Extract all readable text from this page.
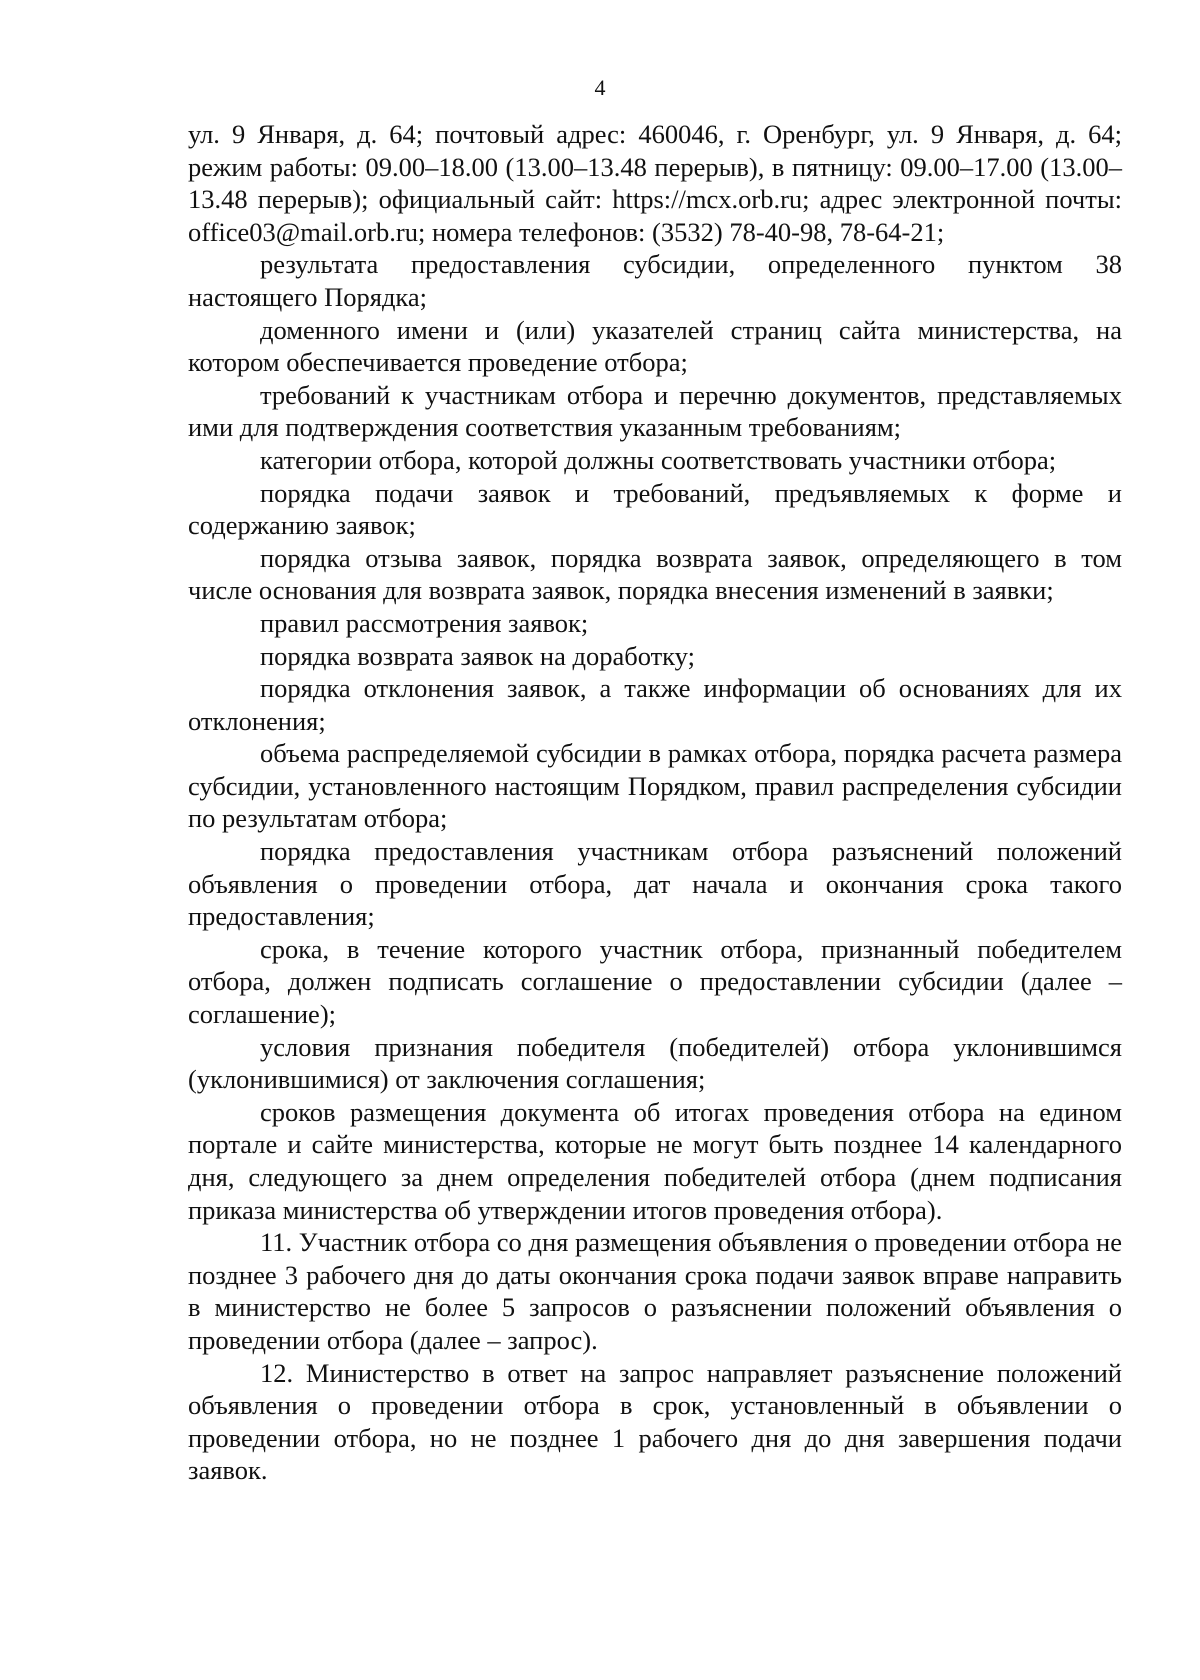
4

ул. 9 Января, д. 64; почтовый адрес: 460046, г. Оренбург, ул. 9 Января, д. 64; режим работы: 09.00–18.00 (13.00–13.48 перерыв), в пятницу: 09.00–17.00 (13.00–13.48 перерыв); официальный сайт: https://mcx.orb.ru; адрес электронной почты: office03@mail.orb.ru; номера телефонов: (3532) 78-40-98, 78-64-21;

результата предоставления субсидии, определенного пунктом 38 настоящего Порядка;

доменного имени и (или) указателей страниц сайта министерства, на котором обеспечивается проведение отбора;

требований к участникам отбора и перечню документов, представляемых ими для подтверждения соответствия указанным требованиям;

категории отбора, которой должны соответствовать участники отбора;

порядка подачи заявок и требований, предъявляемых к форме и содержанию заявок;

порядка отзыва заявок, порядка возврата заявок, определяющего в том числе основания для возврата заявок, порядка внесения изменений в заявки;

правил рассмотрения заявок;

порядка возврата заявок на доработку;

порядка отклонения заявок, а также информации об основаниях для их отклонения;

объема распределяемой субсидии в рамках отбора, порядка расчета размера субсидии, установленного настоящим Порядком, правил распределения субсидии по результатам отбора;

порядка предоставления участникам отбора разъяснений положений объявления о проведении отбора, дат начала и окончания срока такого предоставления;

срока, в течение которого участник отбора, признанный победителем отбора, должен подписать соглашение о предоставлении субсидии (далее – соглашение);

условия признания победителя (победителей) отбора уклонившимся (уклонившимися) от заключения соглашения;

сроков размещения документа об итогах проведения отбора на едином портале и сайте министерства, которые не могут быть позднее 14 календарного дня, следующего за днем определения победителей отбора (днем подписания приказа министерства об утверждении итогов проведения отбора).

11. Участник отбора со дня размещения объявления о проведении отбора не позднее 3 рабочего дня до даты окончания срока подачи заявок вправе направить в министерство не более 5 запросов о разъяснении положений объявления о проведении отбора (далее – запрос).

12. Министерство в ответ на запрос направляет разъяснение положений объявления о проведении отбора в срок, установленный в объявлении о проведении отбора, но не позднее 1 рабочего дня до дня завершения подачи заявок.
